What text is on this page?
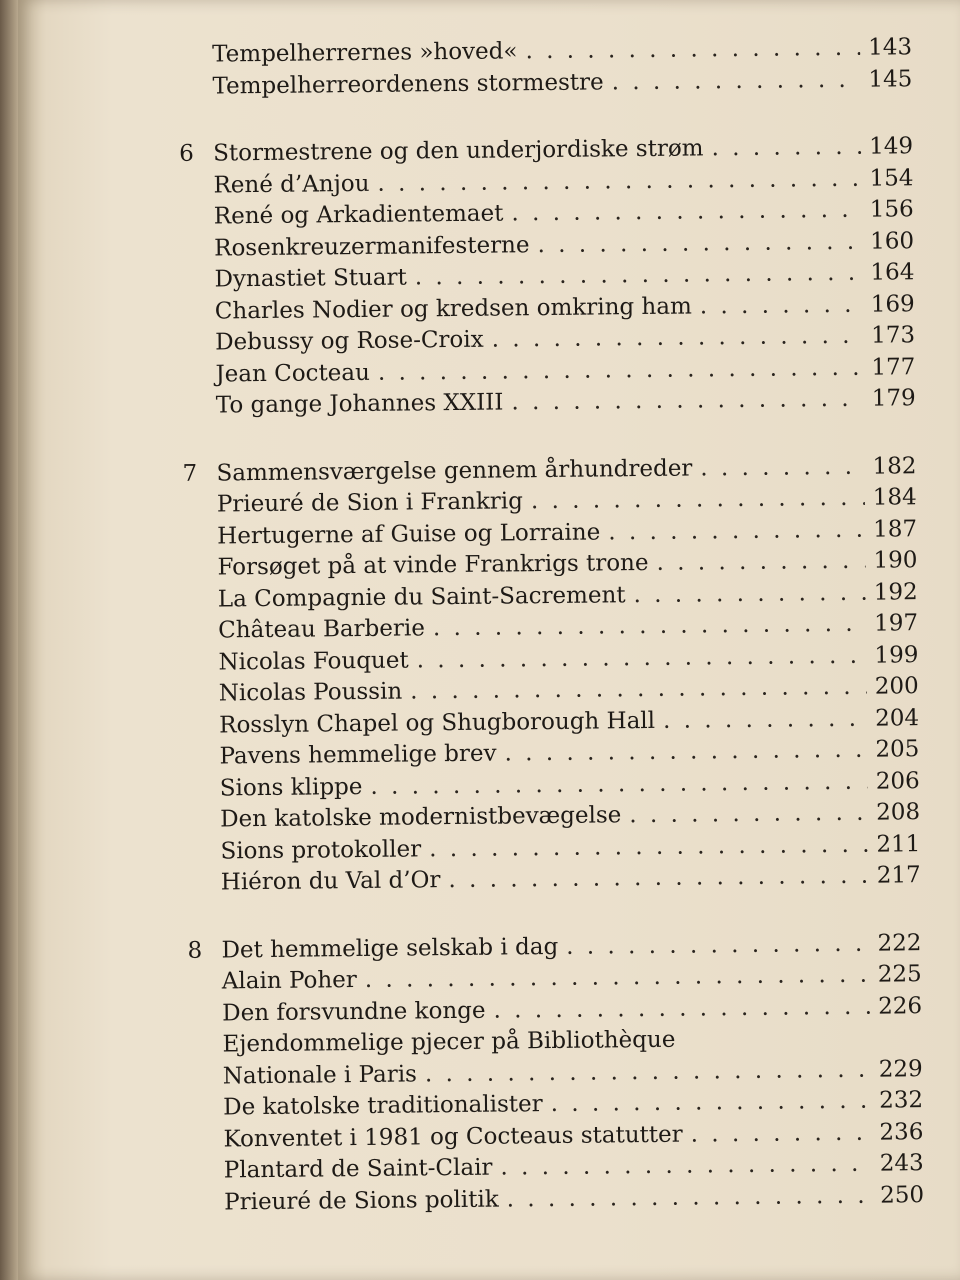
Tempelherrernes »hoved« . . .	143
Tempelherreordenens stormestre . . .	145
6 Stormestrene og den underjordiske strøm . . .	149
René d’Anjou . . .	154
René og Arkadientemaet . . .	156
Rosenkreuzermanifesterne . . .	160
Dynastiet Stuart . . .	164
Charles Nodier og kredsen omkring ham . . .	169
Debussy og Rose-Croix . . .	173
Jean Cocteau . . .	177
To gange Johannes XXIII . . .	179
7 Sammensværgelse gennem århundreder . . .	182
Prieuré de Sion i Frankrig . . .	184
Hertugerne af Guise og Lorraine . . .	187
Forsøget på at vinde Frankrigs trone . . .	190
La Compagnie du Saint-Sacrement . . .	192
Château Barberie . . .	197
Nicolas Fouquet . . .	199
Nicolas Poussin . . .	200
Rosslyn Chapel og Shugborough Hall . . .	204
Pavens hemmelige brev . . .	205
Sions klippe . . .	206
Den katolske modernistbevægelse . . .	208
Sions protokoller . . .	211
Hiéron du Val d’Or . . .	217
8 Det hemmelige selskab i dag . . .	222
Alain Poher . . .	225
Den forsvundne konge . . .	226
Ejendommelige pjecer på Bibliothèque
Nationale i Paris . . .	229
De katolske traditionalister . . .	232
Konventet i 1981 og Cocteaus statutter . . .	236
Plantard de Saint-Clair . . .	243
Prieuré de Sions politik . . .	250
